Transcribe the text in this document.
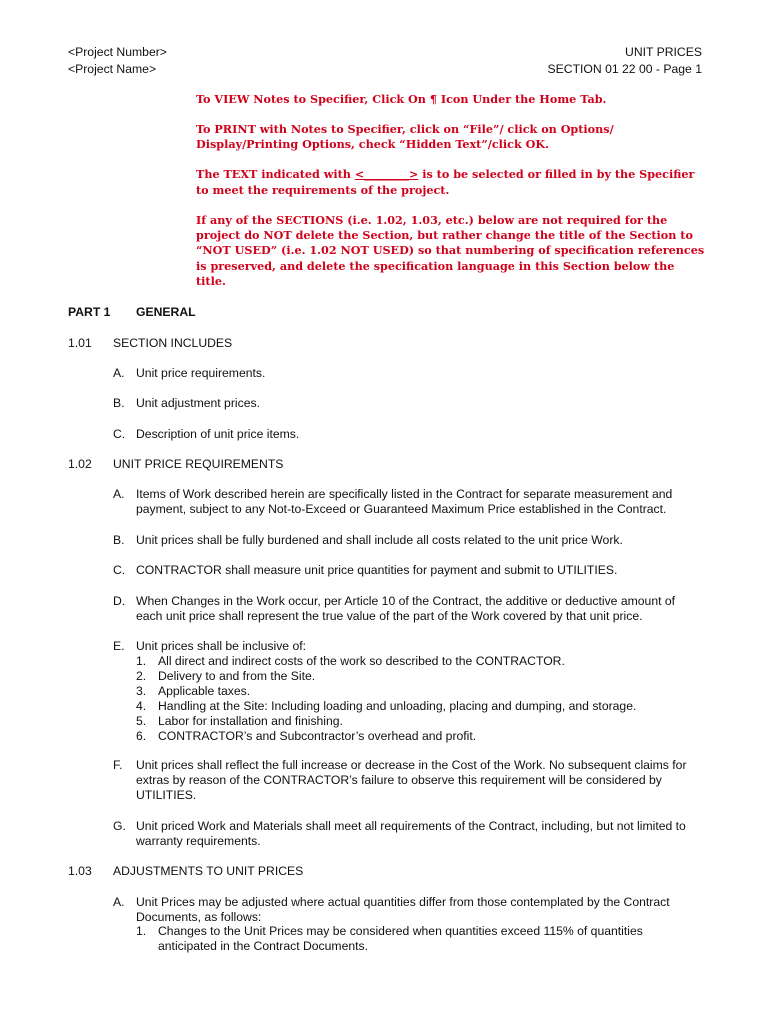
<Project Number>
<Project Name>
UNIT PRICES
SECTION 01 22 00 - Page 1

To VIEW Notes to Specifier, Click On ¶ Icon Under the Home Tab.

To PRINT with Notes to Specifier, click on “File”/ click on Options/ Display/Printing Options, check “Hidden Text”/click OK.

The TEXT indicated with <________> is to be selected or filled in by the Specifier to meet the requirements of the project.

If any of the SECTIONS (i.e. 1.02, 1.03, etc.) below are not required for the project do NOT delete the Section, but rather change the title of the Section to “NOT USED” (i.e. 1.02 NOT USED) so that numbering of specification references is preserved, and delete the specification language in this Section below the title.

PART 1 GENERAL
1.01 SECTION INCLUDES
A. Unit price requirements.
B. Unit adjustment prices.
C. Description of unit price items.
1.02 UNIT PRICE REQUIREMENTS
A. Items of Work described herein are specifically listed in the Contract for separate measurement and payment, subject to any Not-to-Exceed or Guaranteed Maximum Price established in the Contract.
B. Unit prices shall be fully burdened and shall include all costs related to the unit price Work.
C. CONTRACTOR shall measure unit price quantities for payment and submit to UTILITIES.
D. When Changes in the Work occur, per Article 10 of the Contract, the additive or deductive amount of each unit price shall represent the true value of the part of the Work covered by that unit price.
E. Unit prices shall be inclusive of:
1. All direct and indirect costs of the work so described to the CONTRACTOR.
2. Delivery to and from the Site.
3. Applicable taxes.
4. Handling at the Site: Including loading and unloading, placing and dumping, and storage.
5. Labor for installation and finishing.
6. CONTRACTOR’s and Subcontractor’s overhead and profit.
F. Unit prices shall reflect the full increase or decrease in the Cost of the Work. No subsequent claims for extras by reason of the CONTRACTOR’s failure to observe this requirement will be considered by UTILITIES.
G. Unit priced Work and Materials shall meet all requirements of the Contract, including, but not limited to warranty requirements.
1.03 ADJUSTMENTS TO UNIT PRICES
A. Unit Prices may be adjusted where actual quantities differ from those contemplated by the Contract Documents, as follows:
1. Changes to the Unit Prices may be considered when quantities exceed 115% of quantities anticipated in the Contract Documents.
